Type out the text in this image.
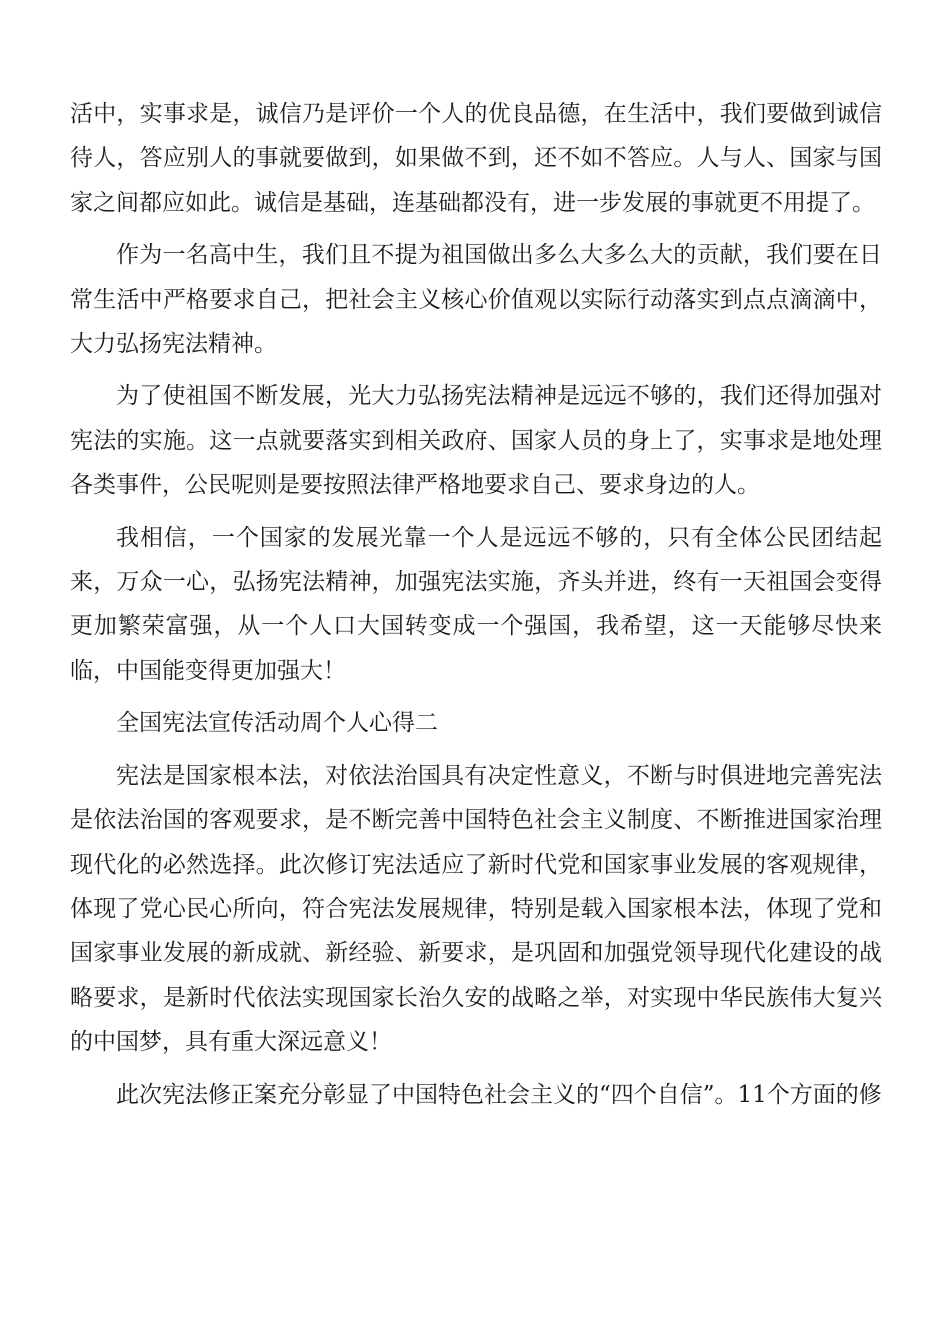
活中，实事求是，诚信乃是评价一个人的优良品德，在生活中，我们要做到诚信待人，答应别人的事就要做到，如果做不到，还不如不答应。人与人、国家与国家之间都应如此。诚信是基础，连基础都没有，进一步发展的事就更不用提了。

作为一名高中生，我们且不提为祖国做出多么大多么大的贡献，我们要在日常生活中严格要求自己，把社会主义核心价值观以实际行动落实到点点滴滴中，大力弘扬宪法精神。

为了使祖国不断发展，光大力弘扬宪法精神是远远不够的，我们还得加强对宪法的实施。这一点就要落实到相关政府、国家人员的身上了，实事求是地处理各类事件，公民呢则是要按照法律严格地要求自己、要求身边的人。

我相信，一个国家的发展光靠一个人是远远不够的，只有全体公民团结起来，万众一心，弘扬宪法精神，加强宪法实施，齐头并进，终有一天祖国会变得更加繁荣富强，从一个人口大国转变成一个强国，我希望，这一天能够尽快来临，中国能变得更加强大！

全国宪法宣传活动周个人心得二

宪法是国家根本法，对依法治国具有决定性意义，不断与时俱进地完善宪法是依法治国的客观要求，是不断完善中国特色社会主义制度、不断推进国家治理现代化的必然选择。此次修订宪法适应了新时代党和国家事业发展的客观规律，体现了党心民心所向，符合宪法发展规律，特别是载入国家根本法，体现了党和国家事业发展的新成就、新经验、新要求，是巩固和加强党领导现代化建设的战略要求，是新时代依法实现国家长治久安的战略之举，对实现中华民族伟大复兴的中国梦，具有重大深远意义！

此次宪法修正案充分彰显了中国特色社会主义的“四个自信”。11个方面的修
